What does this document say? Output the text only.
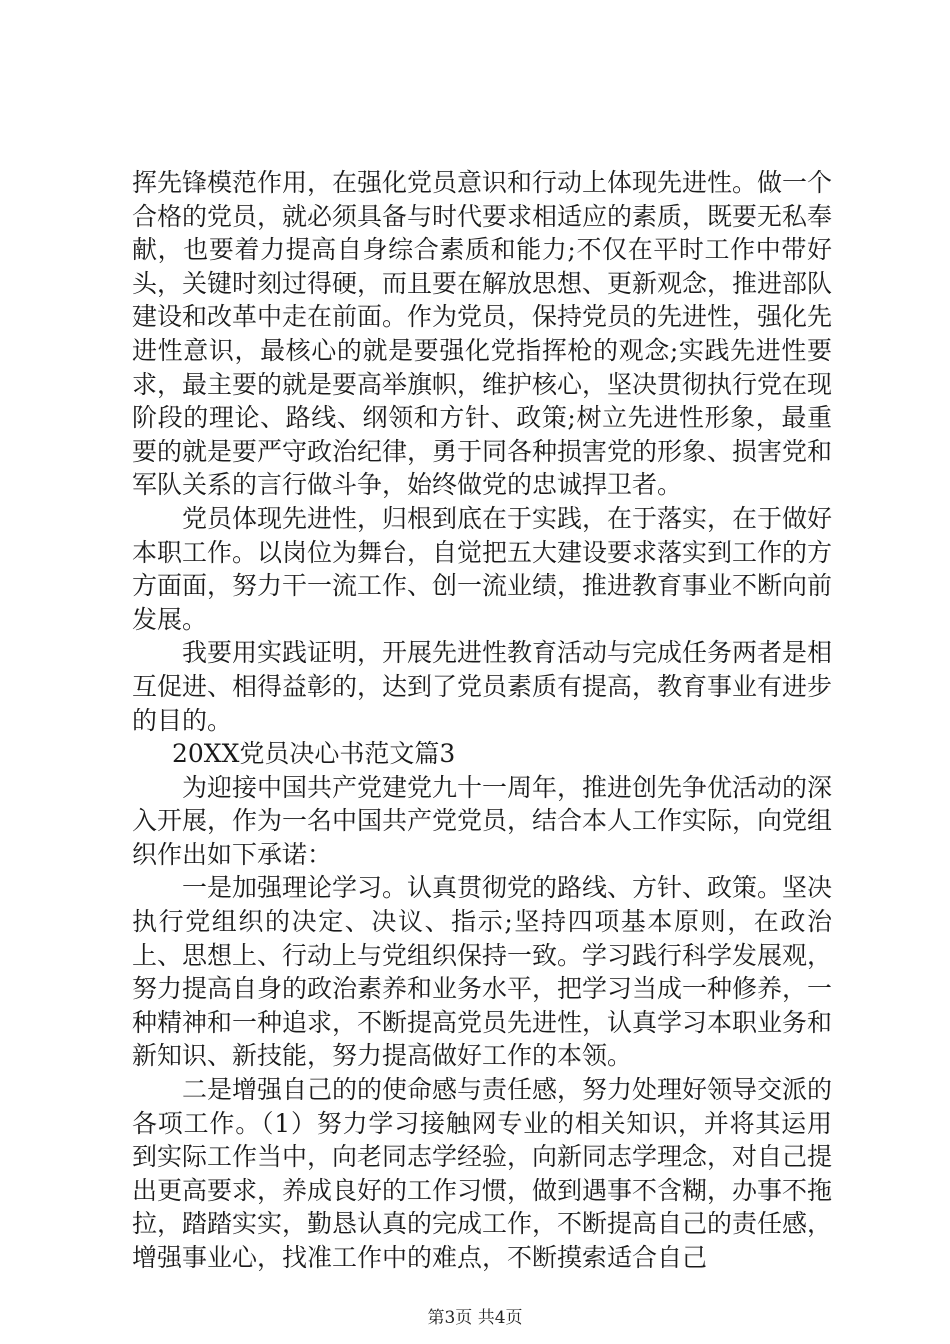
挥先锋模范作用，在强化党员意识和行动上体现先进性。做一个合格的党员，就必须具备与时代要求相适应的素质，既要无私奉献，也要着力提高自身综合素质和能力;不仅在平时工作中带好头，关键时刻过得硬，而且要在解放思想、更新观念，推进部队建设和改革中走在前面。作为党员，保持党员的先进性，强化先进性意识，最核心的就是要强化党指挥枪的观念;实践先进性要求，最主要的就是要高举旗帜，维护核心，坚决贯彻执行党在现阶段的理论、路线、纲领和方针、政策;树立先进性形象，最重要的就是要严守政治纪律，勇于同各种损害党的形象、损害党和军队关系的言行做斗争，始终做党的忠诚捍卫者。

党员体现先进性，归根到底在于实践，在于落实，在于做好本职工作。以岗位为舞台，自觉把五大建设要求落实到工作的方方面面，努力干一流工作、创一流业绩，推进教育事业不断向前发展。

我要用实践证明，开展先进性教育活动与完成任务两者是相互促进、相得益彰的，达到了党员素质有提高，教育事业有进步的目的。

20XX党员决心书范文篇3

为迎接中国共产党建党九十一周年，推进创先争优活动的深入开展，作为一名中国共产党党员，结合本人工作实际，向党组织作出如下承诺：

一是加强理论学习。认真贯彻党的路线、方针、政策。坚决执行党组织的决定、决议、指示;坚持四项基本原则，在政治上、思想上、行动上与党组织保持一致。学习践行科学发展观，努力提高自身的政治素养和业务水平，把学习当成一种修养，一种精神和一种追求，不断提高党员先进性，认真学习本职业务和新知识、新技能，努力提高做好工作的本领。

二是增强自己的的使命感与责任感，努力处理好领导交派的各项工作。（1）努力学习接触网专业的相关知识，并将其运用到实际工作当中，向老同志学经验，向新同志学理念，对自己提出更高要求，养成良好的工作习惯，做到遇事不含糊，办事不拖拉，踏踏实实，勤恳认真的完成工作，不断提高自己的责任感，增强事业心，找准工作中的难点，不断摸索适合自己

第3页 共4页
